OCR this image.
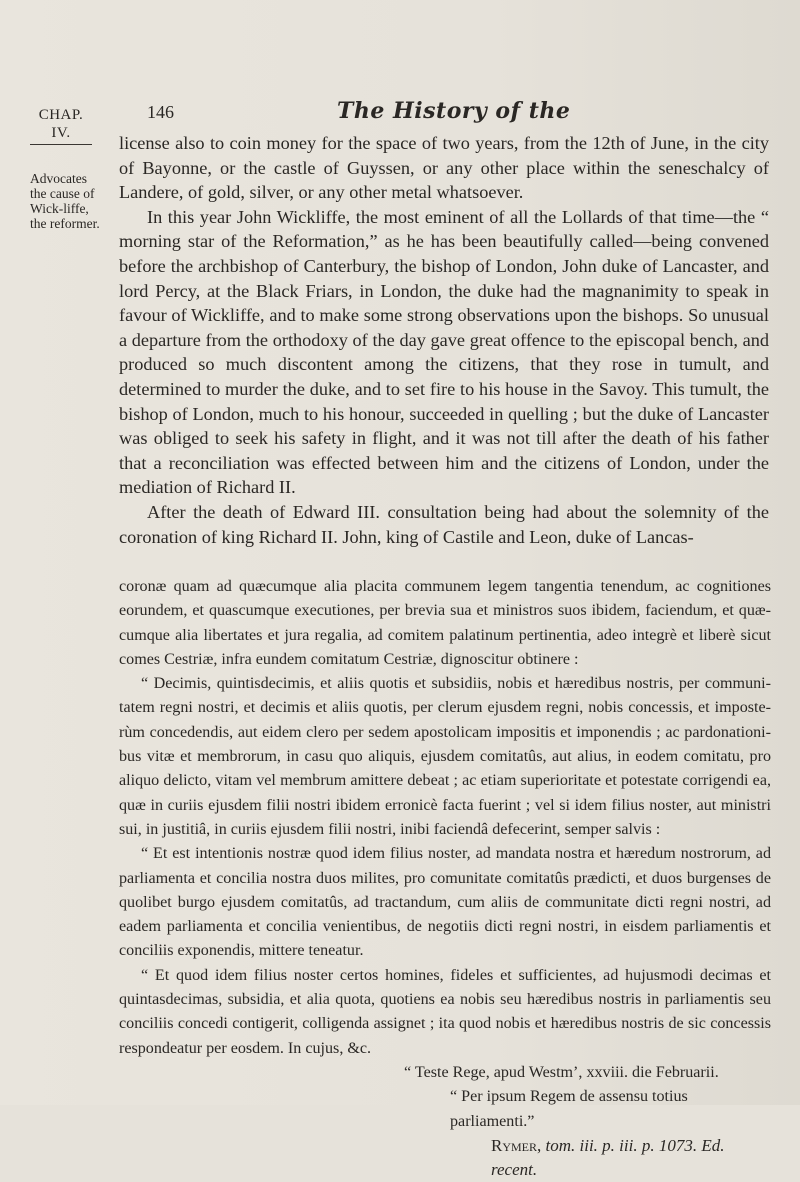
CHAP.
IV.
Advocates the cause of Wick-liffe, the reformer.
146	The History of the

license also to coin money for the space of two years, from the 12th of June, in the city of Bayonne, or the castle of Guyssen, or any other place within the seneschalcy of Landere, of gold, silver, or any other metal whatsoever.

In this year John Wickliffe, the most eminent of all the Lollards of that time—the “ morning star of the Reformation,” as he has been beautifully called—being convened before the archbishop of Canterbury, the bishop of London, John duke of Lancaster, and lord Percy, at the Black Friars, in London, the duke had the magnanimity to speak in favour of Wickliffe, and to make some strong observations upon the bishops. So unusual a departure from the orthodoxy of the day gave great offence to the episcopal bench, and produced so much discontent among the citizens, that they rose in tumult, and determined to murder the duke, and to set fire to his house in the Savoy. This tumult, the bishop of London, much to his honour, succeeded in quelling ; but the duke of Lancaster was obliged to seek his safety in flight, and it was not till after the death of his father that a reconciliation was effected between him and the citizens of London, under the mediation of Richard II.

After the death of Edward III. consultation being had about the solemnity of the coronation of king Richard II. John, king of Castile and Leon, duke of Lancas-

coronæ quam ad quæcumque alia placita communem legem tangentia tenendum, ac cognitiones eorundem, et quascumque executiones, per brevia sua et ministros suos ibidem, faciendum, et quæ-cumque alia libertates et jura regalia, ad comitem palatinum pertinentia, adeo integrè et liberè sicut comes Cestriæ, infra eundem comitatum Cestriæ, dignoscitur obtinere :

“ Decimis, quintisdecimis, et aliis quotis et subsidiis, nobis et hæredibus nostris, per communi-tatem regni nostri, et decimis et aliis quotis, per clerum ejusdem regni, nobis concessis, et imposte-rùm concedendis, aut eidem clero per sedem apostolicam impositis et imponendis ; ac pardonationi-bus vitæ et membrorum, in casu quo aliquis, ejusdem comitatûs, aut alius, in eodem comitatu, pro aliquo delicto, vitam vel membrum amittere debeat ; ac etiam superioritate et potestate corrigendi ea, quæ in curiis ejusdem filii nostri ibidem erronicè facta fuerint ; vel si idem filius noster, aut ministri sui, in justitiâ, in curiis ejusdem filii nostri, inibi faciendâ defecerint, semper salvis :

“ Et est intentionis nostræ quod idem filius noster, ad mandata nostra et hæredum nostrorum, ad parliamenta et concilia nostra duos milites, pro comunitate comitatûs prædicti, et duos burgenses de quolibet burgo ejusdem comitatûs, ad tractandum, cum aliis de communitate dicti regni nostri, ad eadem parliamenta et concilia venientibus, de negotiis dicti regni nostri, in eisdem parliamentis et conciliis exponendis, mittere teneatur.

“ Et quod idem filius noster certos homines, fideles et sufficientes, ad hujusmodi decimas et quintasdecimas, subsidia, et alia quota, quotiens ea nobis seu hæredibus nostris in parliamentis seu conciliis concedi contigerit, colligenda assignet ; ita quod nobis et hæredibus nostris de sic concessis respondeatur per eosdem. In cujus, &c.

“ Teste Rege, apud Westm’, xxviii. die Februarii.

“ Per ipsum Regem de assensu totius parliamenti.”

Rymer, tom. iii. p. iii. p. 1073. Ed. recent.
